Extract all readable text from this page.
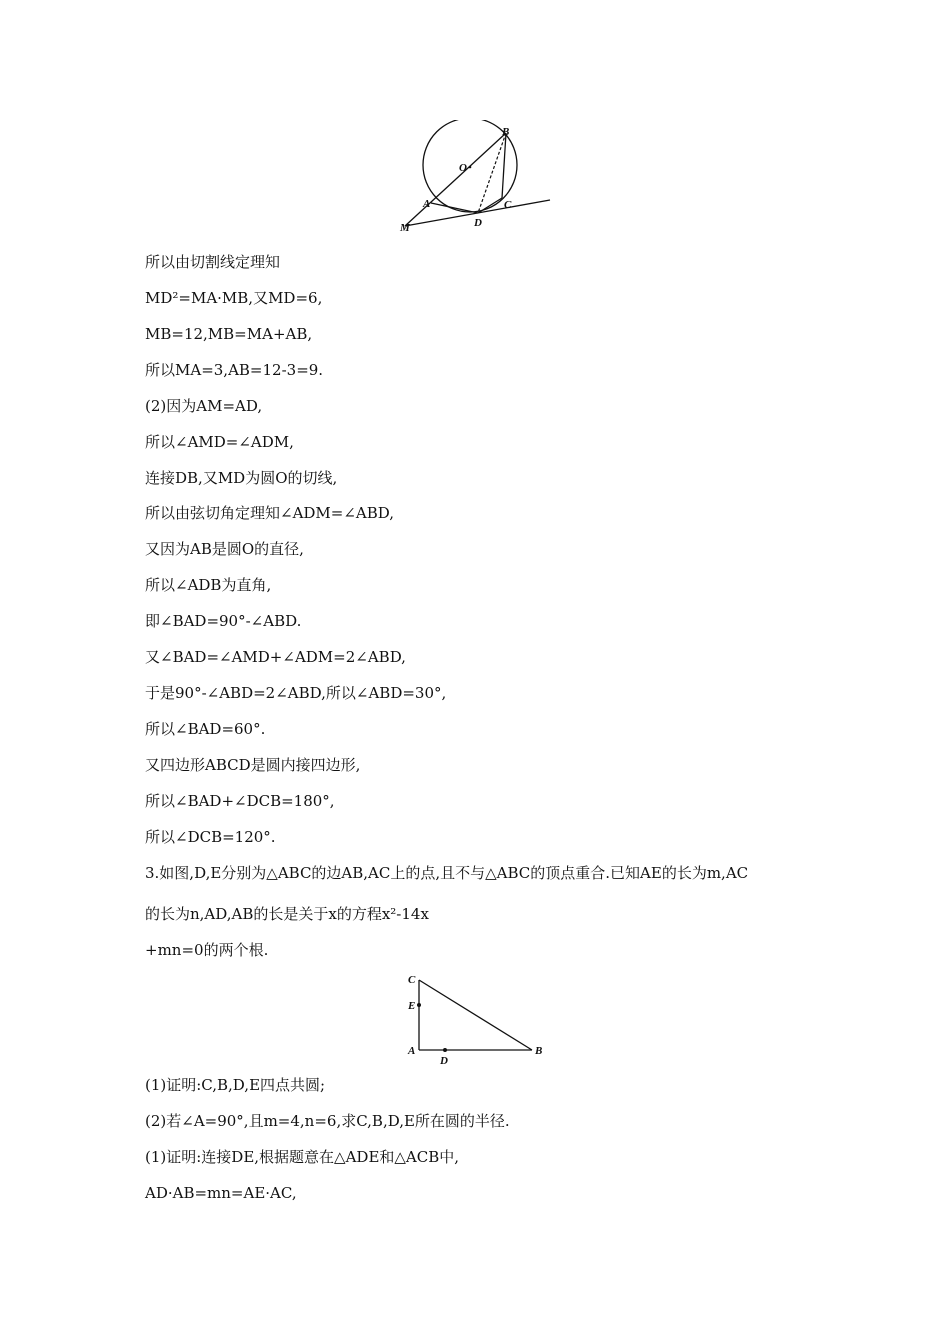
B
O
A	C
D
M
所以由切割线定理知
MD²=MA·MB,又MD=6,
MB=12,MB=MA+AB,
所以MA=3,AB=12-3=9.
(2)因为AM=AD,
所以∠AMD=∠ADM,
连接DB,又MD为圆O的切线,
所以由弦切角定理知∠ADM=∠ABD,
又因为AB是圆O的直径,
所以∠ADB为直角,
即∠BAD=90°-∠ABD.
又∠BAD=∠AMD+∠ADM=2∠ABD,
于是90°-∠ABD=2∠ABD,所以∠ABD=30°,
所以∠BAD=60°.
又四边形ABCD是圆内接四边形,
所以∠BAD+∠DCB=180°,
所以∠DCB=120°.
3.如图,D,E分别为△ABC的边AB,AC上的点,且不与△ABC的顶点重合.已知AE的长为m,AC
的长为n,AD,AB的长是关于x的方程x²-14x
+mn=0的两个根.
C
E
A
D
B
(1)证明:C,B,D,E四点共圆;
(2)若∠A=90°,且m=4,n=6,求C,B,D,E所在圆的半径.
(1)证明:连接DE,根据题意在△ADE和△ACB中,
AD·AB=mn=AE·AC,
